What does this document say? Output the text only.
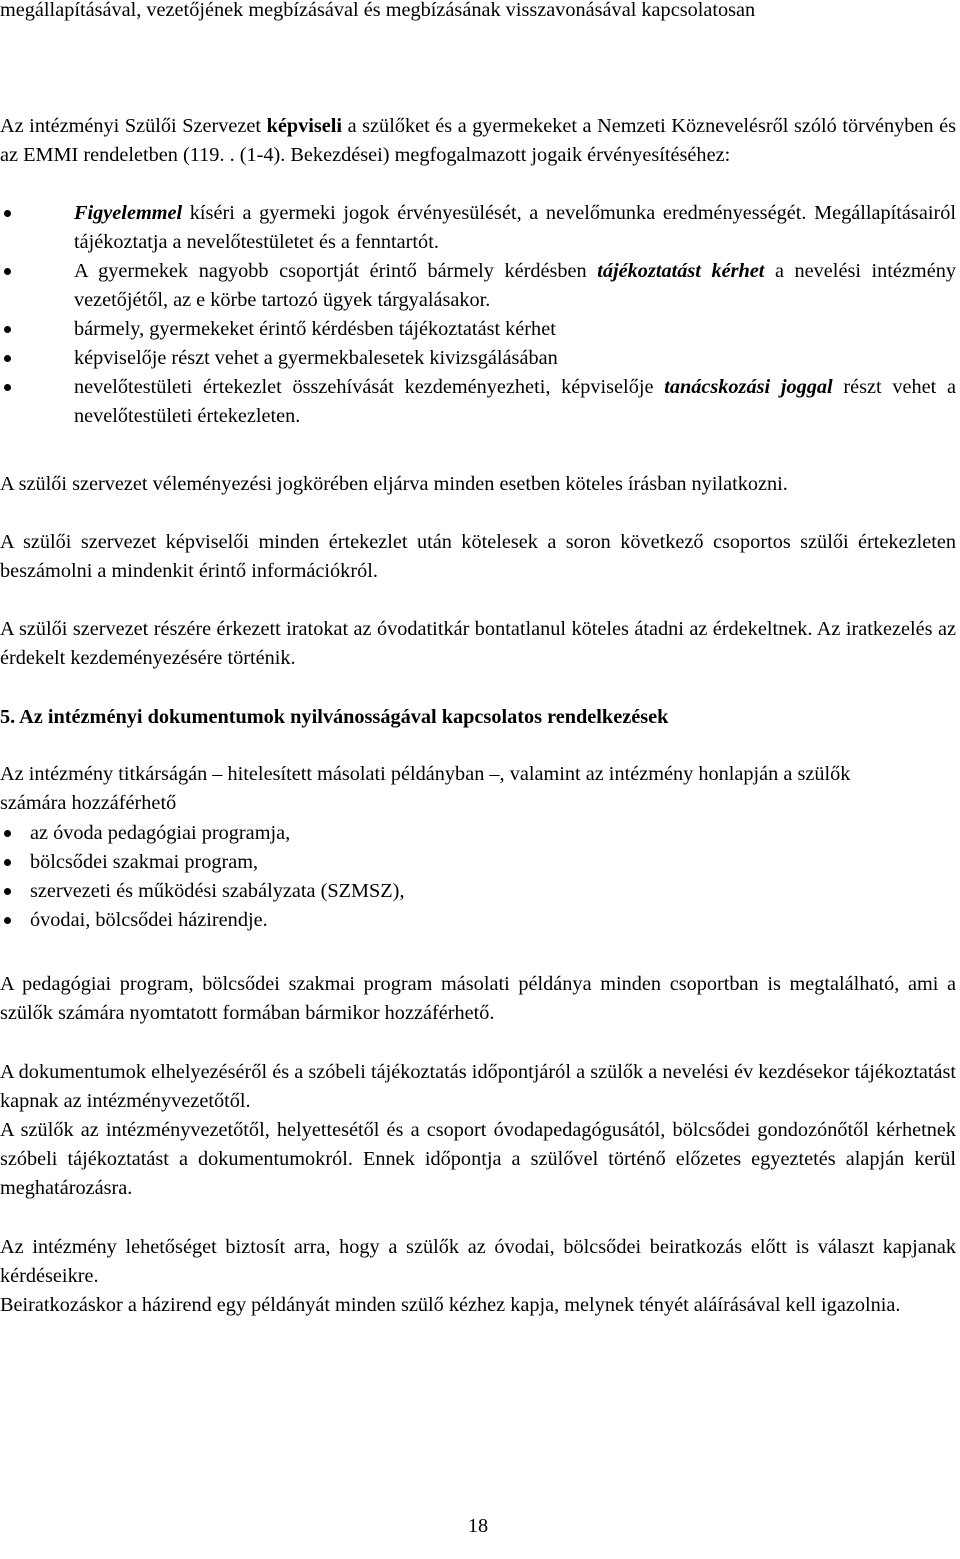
megállapításával, vezetőjének megbízásával és megbízásának visszavonásával kapcsolatosan

Az intézményi Szülői Szervezet képviseli a szülőket és a gyermekeket a Nemzeti Köznevelésről szóló törvényben és az EMMI rendeletben (119. . (1-4). Bekezdései) megfogalmazott jogaik érvényesítéséhez:

Figyelemmel kíséri a gyermeki jogok érvényesülését, a nevelőmunka eredményességét. Megállapításairól tájékoztatja a nevelőtestületet és a fenntartót.
A gyermekek nagyobb csoportját érintő bármely kérdésben tájékoztatást kérhet a nevelési intézmény vezetőjétől, az e körbe tartozó ügyek tárgyalásakor.
bármely, gyermekeket érintő kérdésben tájékoztatást kérhet
képviselője részt vehet a gyermekbalesetek kivizsgálásában
nevelőtestületi értekezlet összehívását kezdeményezheti, képviselője tanácskozási joggal részt vehet a nevelőtestületi értekezleten.

A szülői szervezet véleményezési jogkörében eljárva minden esetben köteles írásban nyilatkozni.

A szülői szervezet képviselői minden értekezlet után kötelesek a soron következő csoportos szülői értekezleten beszámolni a mindenkit érintő információkról.

A szülői szervezet részére érkezett iratokat az óvodatitkár bontatlanul köteles átadni az érdekeltnek. Az iratkezelés az érdekelt kezdeményezésére történik.

5. Az intézményi dokumentumok nyilvánosságával kapcsolatos rendelkezések

Az intézmény titkárságán – hitelesített másolati példányban –, valamint az intézmény honlapján a szülők számára hozzáférhető

az óvoda pedagógiai programja,
bölcsődei szakmai program,
szervezeti és működési szabályzata (SZMSZ),
óvodai, bölcsődei házirendje.

A pedagógiai program, bölcsődei szakmai program másolati példánya minden csoportban is megtalálható, ami a szülők számára nyomtatott formában bármikor hozzáférhető.

A dokumentumok elhelyezéséről és a szóbeli tájékoztatás időpontjáról a szülők a nevelési év kezdésekor tájékoztatást kapnak az intézményvezetőtől.

A szülők az intézményvezetőtől, helyettesétől és a csoport óvodapedagógusától, bölcsődei gondozónőtől kérhetnek szóbeli tájékoztatást a dokumentumokról. Ennek időpontja a szülővel történő előzetes egyeztetés alapján kerül meghatározásra.

Az intézmény lehetőséget biztosít arra, hogy a szülők az óvodai, bölcsődei beiratkozás előtt is választ kapjanak kérdéseikre.

Beiratkozáskor a házirend egy példányát minden szülő kézhez kapja, melynek tényét aláírásával kell igazolnia.

18
